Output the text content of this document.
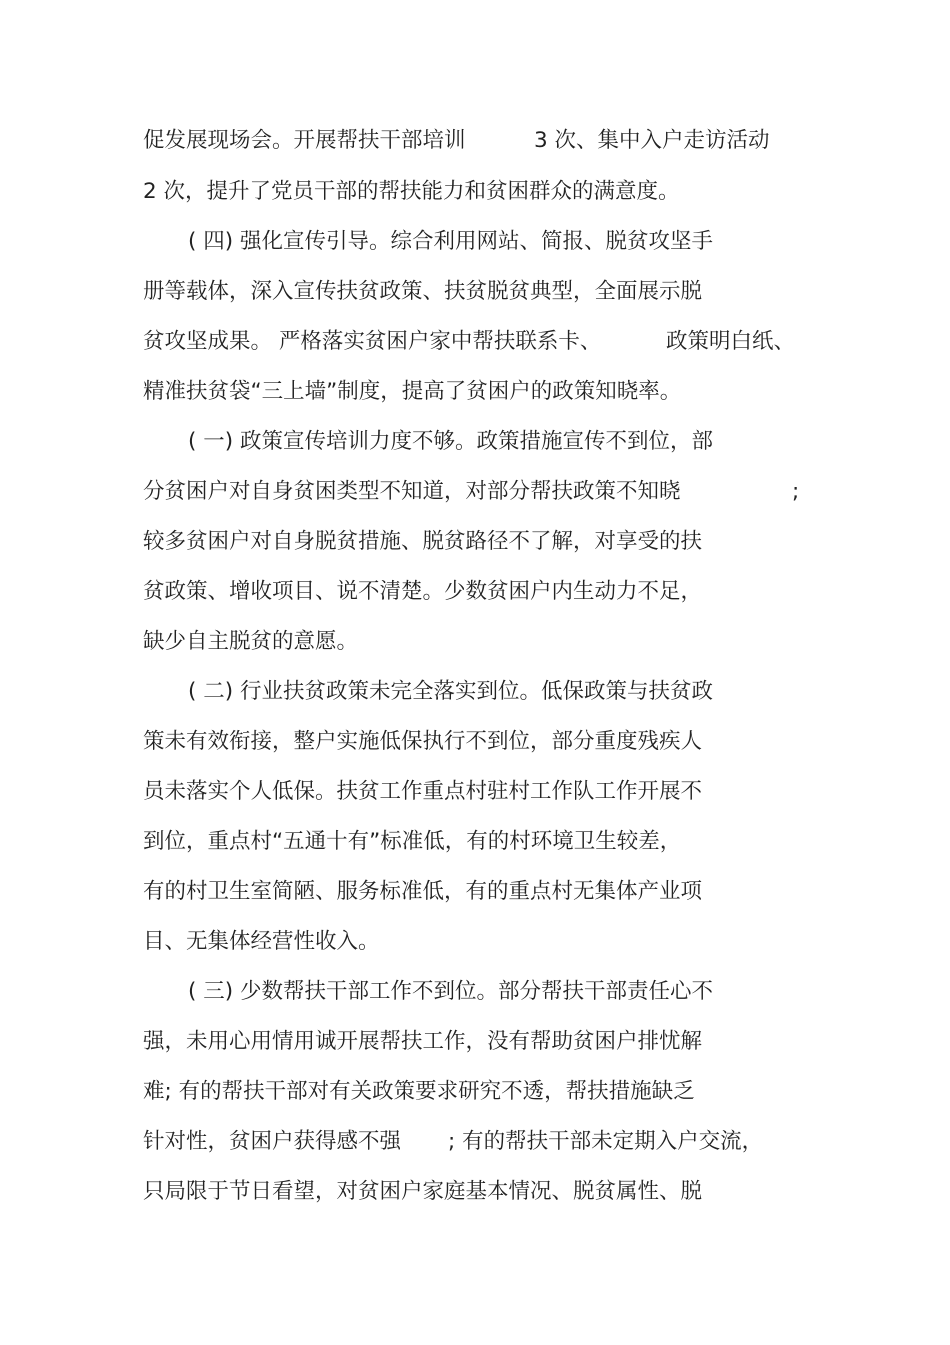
促发展现场会。开展帮扶干部培训

	3 次、集中入户走访活动

2 次，提升了党员干部的帮扶能力和贫困群众的满意度。

( 四) 强化宣传引导。综合利用网站、简报、脱贫攻坚手

册等载体，深入宣传扶贫政策、扶贫脱贫典型，全面展示脱

贫攻坚成果。 严格落实贫困户家中帮扶联系卡、

	政策明白纸、

精准扶贫袋“三上墙”制度，提高了贫困户的政策知晓率。

( 一) 政策宣传培训力度不够。政策措施宣传不到位，部

分贫困户对自身贫困类型不知道，对部分帮扶政策不知晓

	;

较多贫困户对自身脱贫措施、脱贫路径不了解，对享受的扶

贫政策、增收项目、说不清楚。少数贫困户内生动力不足，

缺少自主脱贫的意愿。

( 二) 行业扶贫政策未完全落实到位。低保政策与扶贫政

策未有效衔接，整户实施低保执行不到位，部分重度残疾人

员未落实个人低保。扶贫工作重点村驻村工作队工作开展不

到位，重点村“五通十有”标准低，有的村环境卫生较差，

有的村卫生室简陋、服务标准低，有的重点村无集体产业项

目、无集体经营性收入。

( 三) 少数帮扶干部工作不到位。部分帮扶干部责任心不

强，未用心用情用诚开展帮扶工作，没有帮助贫困户排忧解

难; 有的帮扶干部对有关政策要求研究不透，帮扶措施缺乏

针对性，贫困户获得感不强

; 有的帮扶干部未定期入户交流，

只局限于节日看望，对贫困户家庭基本情况、脱贫属性、脱
